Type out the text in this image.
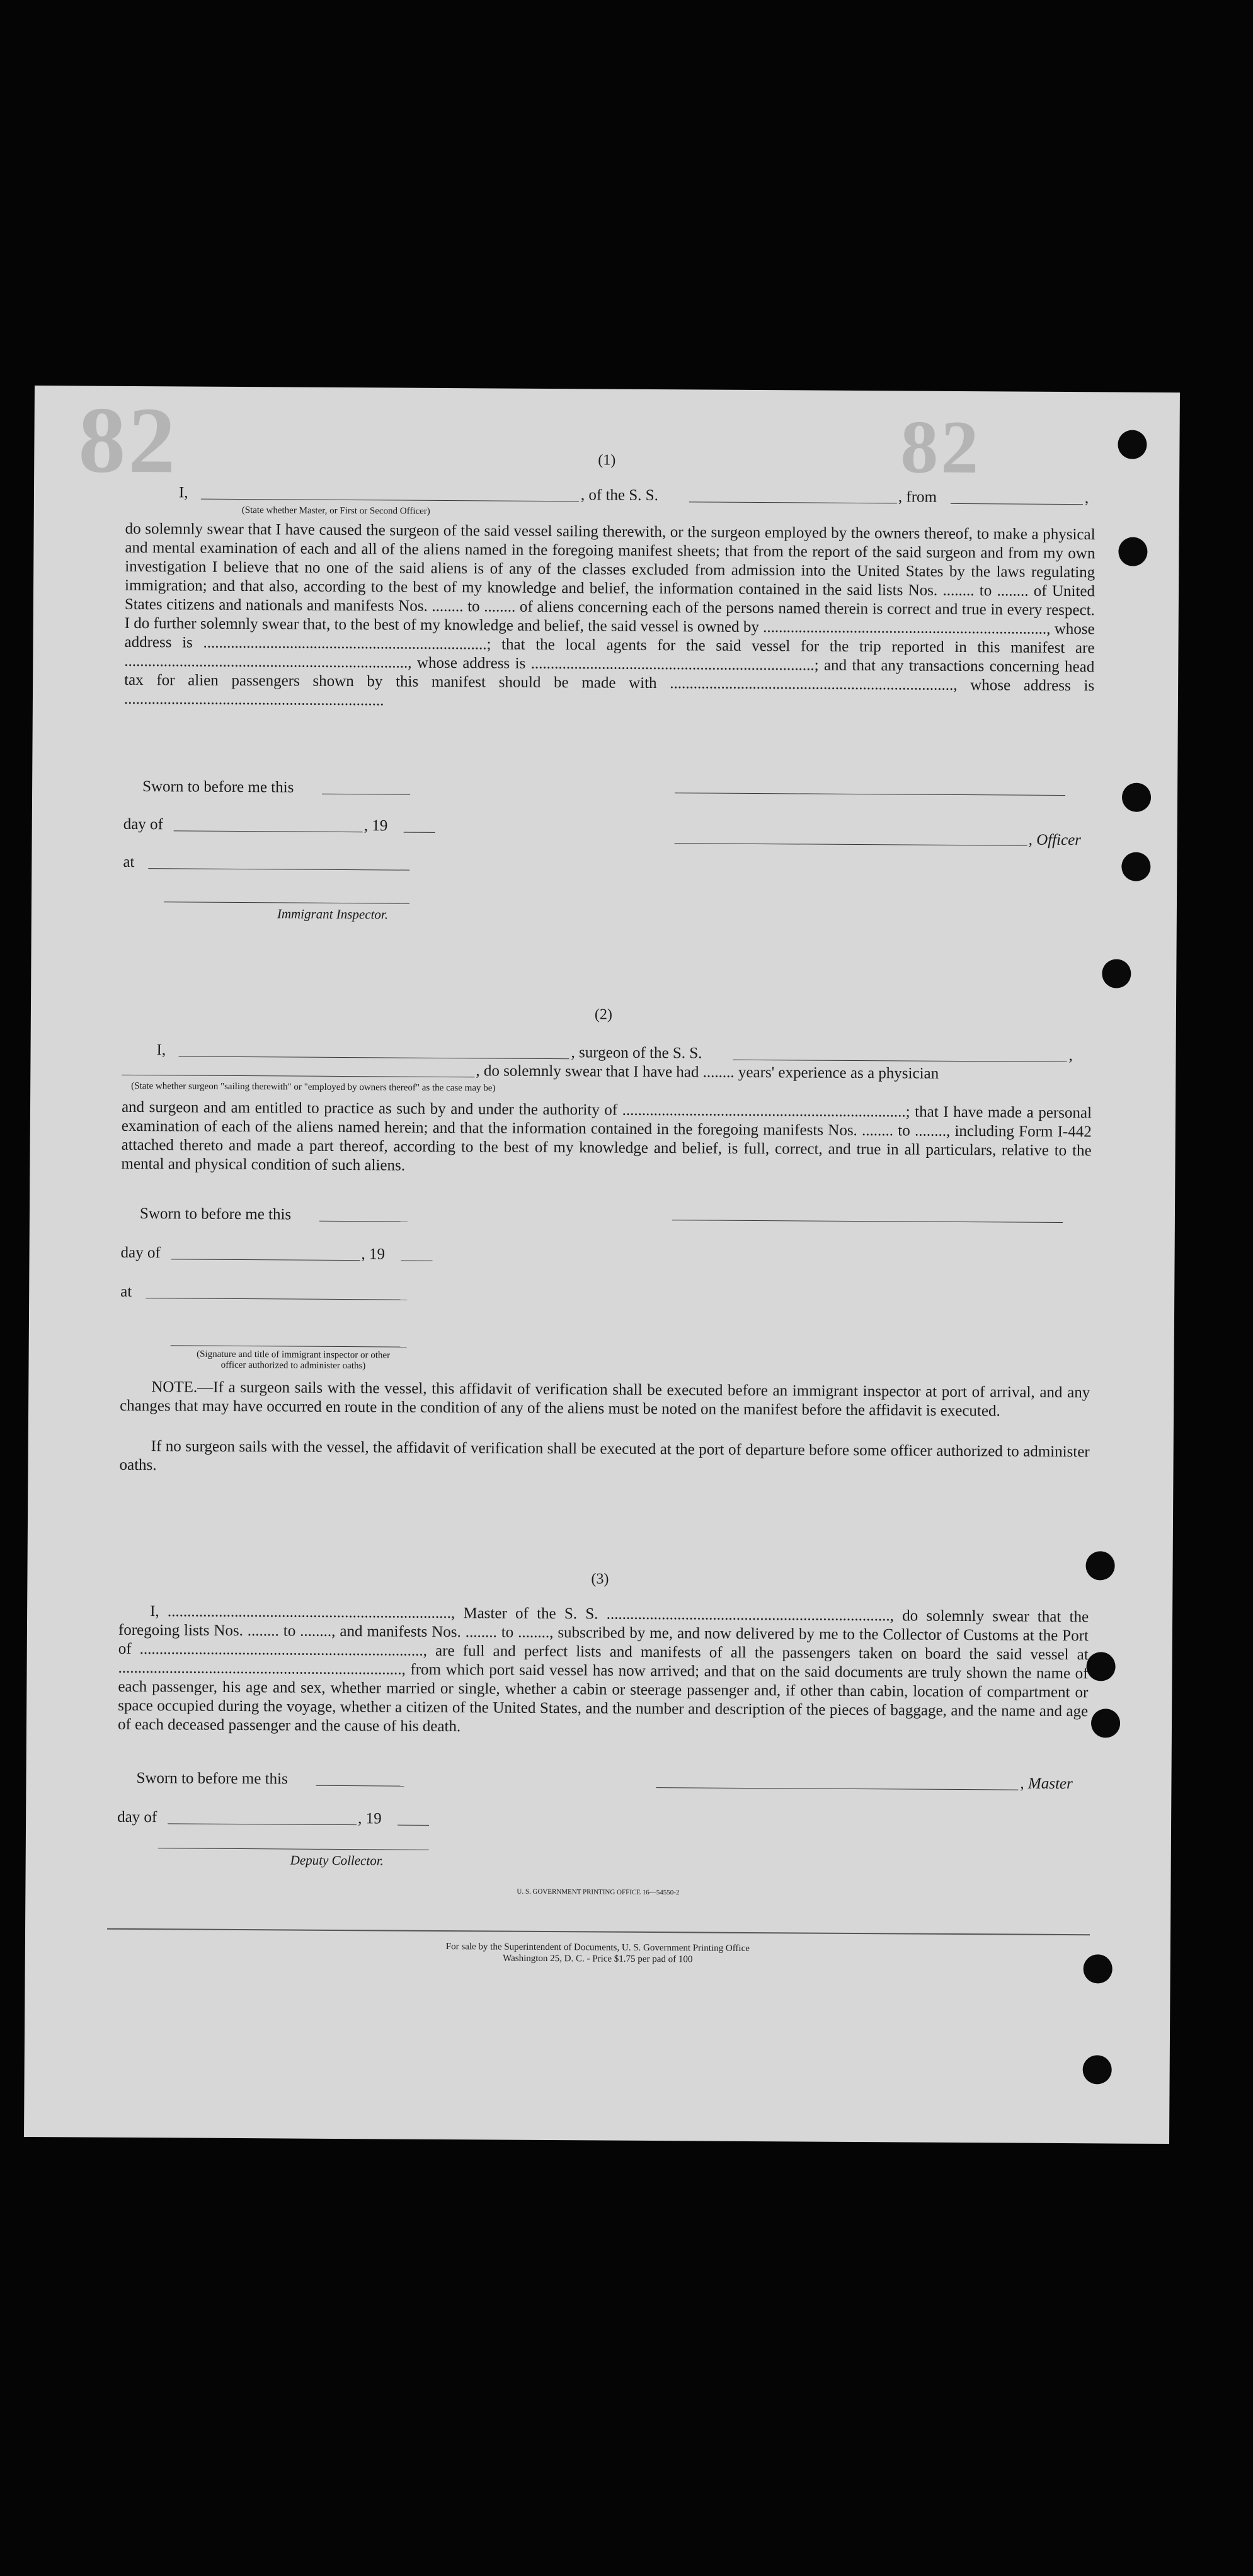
82	82
(1)
I,	, of the S. S.	, from	,
(State whether Master, or First or Second Officer)

do solemnly swear that I have caused the surgeon of the said vessel sailing therewith, or the surgeon employed by the owners thereof, to make a physical and mental examination of each and all of the aliens named in the foregoing manifest sheets; that from the report of the said surgeon and from my own investigation I believe that no one of the said aliens is of any of the classes excluded from admission into the United States by the laws regulating immigration; and that also, according to the best of my knowledge and belief, the information contained in the said lists Nos. ........ to ........ of United States citizens and nationals and manifests Nos. ........ to ........ of aliens concerning each of the persons named therein is correct and true in every respect. I do further solemnly swear that, to the best of my knowledge and belief, the said vessel is owned by ........................................................................, whose address is ........................................................................; that the local agents for the said vessel for the trip reported in this manifest are ........................................................................, whose address is ........................................................................; and that any transactions concerning head tax for alien passengers shown by this manifest should be made with ........................................................................, whose address is ..................................................................

Sworn to before me this
day of	, 19
at
, Officer
Immigrant Inspector.
(2)
I,	, surgeon of the S. S.	,
, do solemnly swear that I have had ........ years' experience as a physician
(State whether surgeon "sailing therewith" or "employed by owners thereof" as the case may be)

and surgeon and am entitled to practice as such by and under the authority of ........................................................................; that I have made a personal examination of each of the aliens named herein; and that the information contained in the foregoing manifests Nos. ........ to ........, including Form I-442 attached thereto and made a part thereof, according to the best of my knowledge and belief, is full, correct, and true in all particulars, relative to the mental and physical condition of such aliens.

Sworn to before me this
day of	, 19
at
(Signature and title of immigrant inspector or other officer authorized to administer oaths)

NOTE.—If a surgeon sails with the vessel, this affidavit of verification shall be executed before an immigrant inspector at port of arrival, and any changes that may have occurred en route in the condition of any of the aliens must be noted on the manifest before the affidavit is executed.

If no surgeon sails with the vessel, the affidavit of verification shall be executed at the port of departure before some officer authorized to administer oaths.

(3)

I, ........................................................................, Master of the S. S. ........................................................................, do solemnly swear that the foregoing lists Nos. ........ to ........, and manifests Nos. ........ to ........, subscribed by me, and now delivered by me to the Collector of Customs at the Port of ........................................................................, are full and perfect lists and manifests of all the passengers taken on board the said vessel at ........................................................................, from which port said vessel has now arrived; and that on the said documents are truly shown the name of each passenger, his age and sex, whether married or single, whether a cabin or steerage passenger and, if other than cabin, location of compartment or space occupied during the voyage, whether a citizen of the United States, and the number and description of the pieces of baggage, and the name and age of each deceased passenger and the cause of his death.

Sworn to before me this	, Master
day of	, 19
Deputy Collector.
U. S. GOVERNMENT PRINTING OFFICE 16—54550-2
For sale by the Superintendent of Documents, U. S. Government Printing Office
Washington 25, D. C. - Price $1.75 per pad of 100
